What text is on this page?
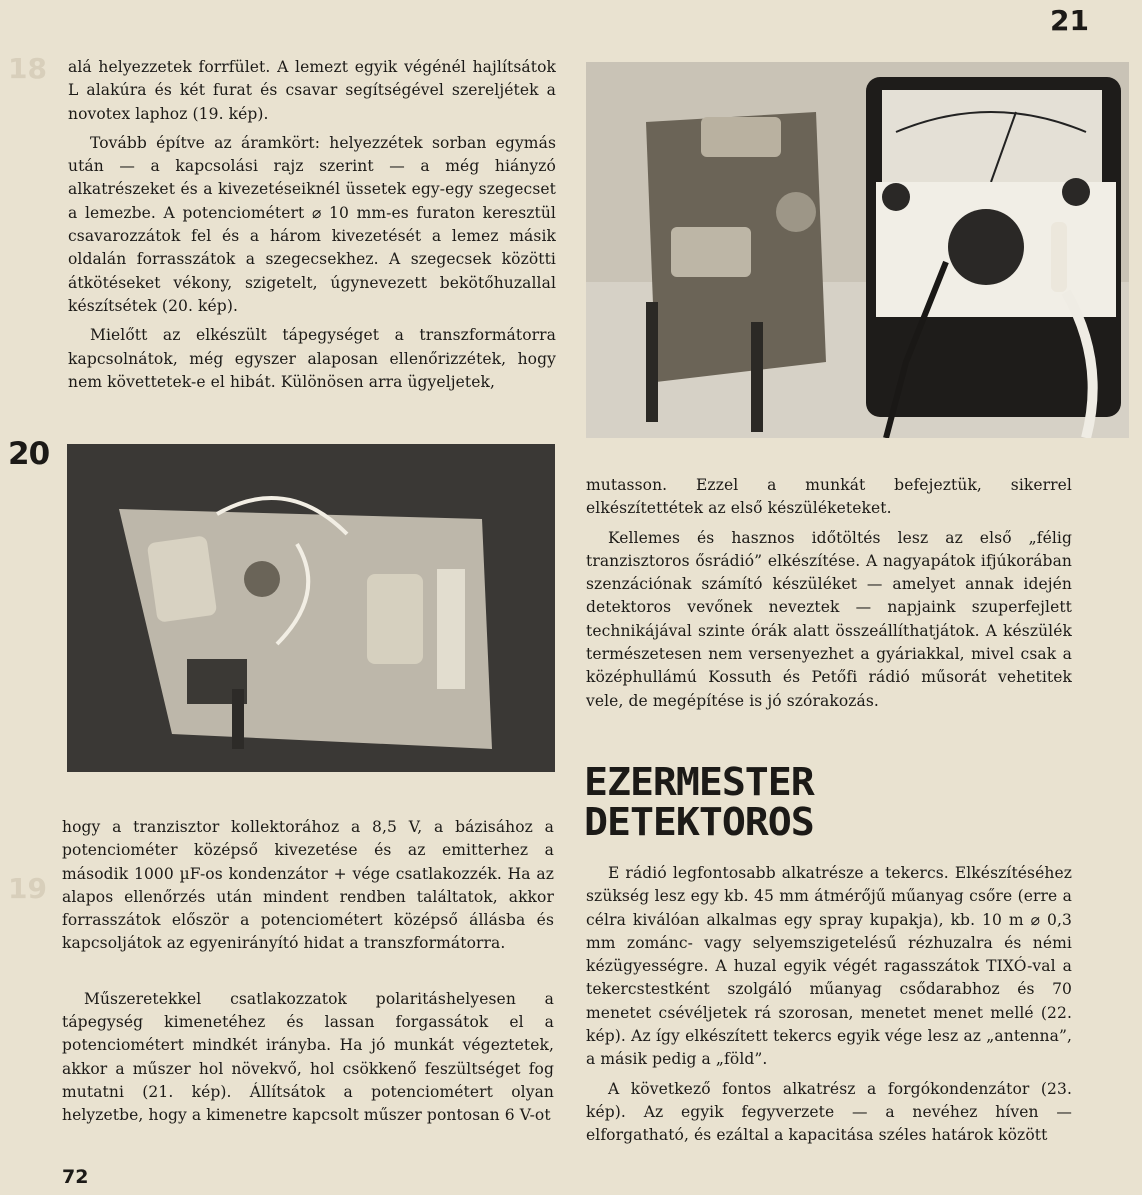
18
19
21

alá helyezzetek forrfület. A lemezt egyik végénél hajlítsátok L alakúra és két furat és csavar segítségével szereljétek a novotex laphoz (19. kép).

Tovább építve az áramkört: helyezzétek sorban egymás után — a kapcsolási rajz szerint — a még hiányzó alkatrészeket és a kivezetéseiknél üssetek egy-egy szegecset a lemezbe. A potenciométert ⌀ 10 mm-es furaton keresztül csavarozzátok fel és a három kivezetését a lemez másik oldalán forrasszátok a szegecsekhez. A szegecsek közötti átkötéseket vékony, szigetelt, úgynevezett bekötőhuzallal készítsétek (20. kép).

Mielőtt az elkészült tápegységet a transzformátorra kapcsolnátok, még egyszer alaposan ellenőrizzétek, hogy nem követtetek-e el hibát. Különösen arra ügyeljetek,

20

mutasson. Ezzel a munkát befejeztük, sikerrel elkészítettétek az első készüléketeket.

Kellemes és hasznos időtöltés lesz az első „félig tranzisztoros ősrádió” elkészítése. A nagyapátok ifjúkorában szenzációnak számító készüléket — amelyet annak idején detektoros vevőnek neveztek — napjaink szuperfejlett technikájával szinte órák alatt összeállíthatjátok. A készülék természetesen nem versenyezhet a gyáriakkal, mivel csak a középhullámú Kossuth és Petőfi rádió műsorát vehetitek vele, de megépítése is jó szórakozás.

EZERMESTER
DETEKTOROS

hogy a tranzisztor kollektorához a 8,5 V, a bázisához a potenciométer középső kivezetése és az emitterhez a második 1000 µF-os kondenzátor + vége csatlakozzék. Ha az alapos ellenőrzés után mindent rendben találtatok, akkor forrasszátok először a potenciométert középső állásba és kapcsoljátok az egyenirányító hidat a transzformátorra.

Műszeretekkel csatlakozzatok polaritáshelyesen a tápegység kimenetéhez és lassan forgassátok el a potenciométert mindkét irányba. Ha jó munkát végeztetek, akkor a műszer hol növekvő, hol csökkenő feszültséget fog mutatni (21. kép). Állítsátok a potenciométert olyan helyzetbe, hogy a kimenetre kapcsolt műszer pontosan 6 V-ot

E rádió legfontosabb alkatrésze a tekercs. Elkészítéséhez szükség lesz egy kb. 45 mm átmérőjű műanyag csőre (erre a célra kiválóan alkalmas egy spray kupakja), kb. 10 m ⌀ 0,3 mm zománc- vagy selyemszigetelésű rézhuzalra és némi kézügyességre. A huzal egyik végét ragasszátok TIXÓ-val a tekercstestként szolgáló műanyag csődarabhoz és 70 menetet csévéljetek rá szorosan, menetet menet mellé (22. kép). Az így elkészített tekercs egyik vége lesz az „antenna”, a másik pedig a „föld”.

A következő fontos alkatrész a forgókondenzátor (23. kép). Az egyik fegyverzete — a nevéhez híven — elforgatható, és ezáltal a kapacitása széles határok között

72
